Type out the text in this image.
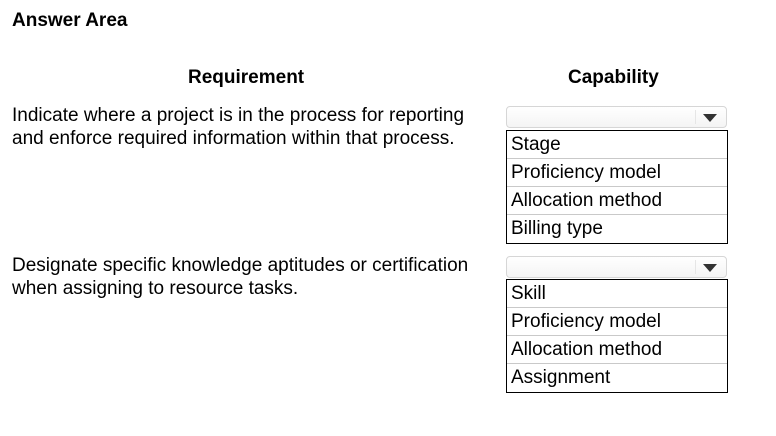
Answer Area
Requirement	Capability
Indicate where a project is in the process for reporting
and enforce required information within that process.	Stage
Proficiency model
Allocation method
Billing type
Designate specific knowledge aptitudes or certification
when assigning to resource tasks.	Skill
Proficiency model
Allocation method
Assignment
